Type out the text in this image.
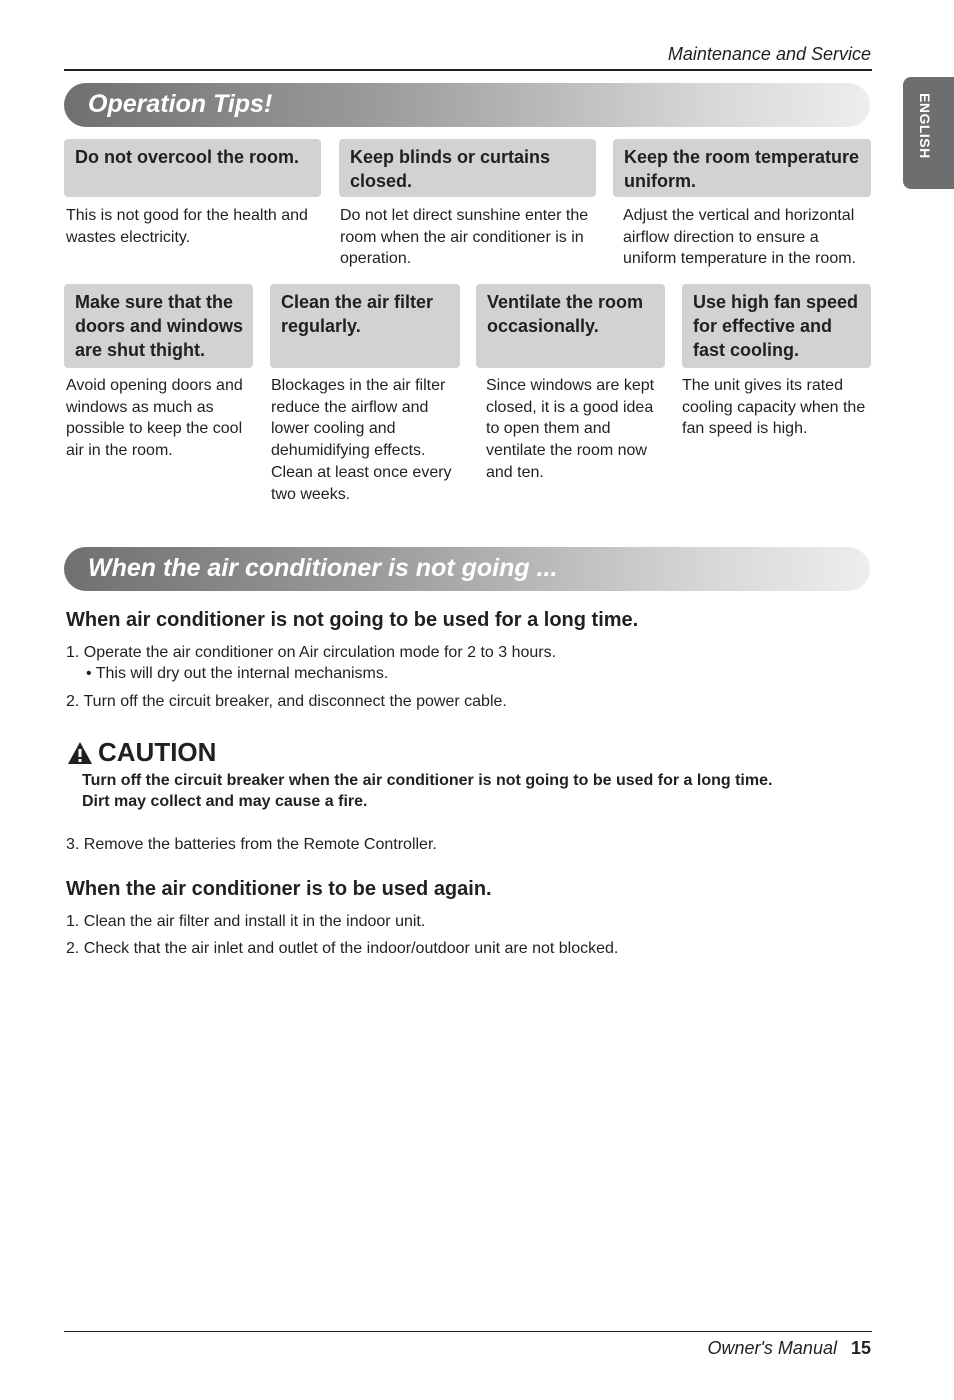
Maintenance and Service
ENGLISH
Operation Tips!
Do not overcool the room.	Keep blinds or curtains closed.
Keep the room temperature uniform.
This is not good for the health and wastes electricity.
Do not let direct sunshine enter the room when the air conditioner is in operation.
Adjust the vertical and horizontal airflow direction to ensure a uniform temperature in the room.
Make sure that the doors and windows are shut thight.
Clean the air filter regularly.
Ventilate the room occasionally.
Use high fan speed for effective and fast cooling.
Avoid opening doors and windows as much as possible to keep the cool air in the room.
Blockages in the air filter reduce the airflow and lower cooling and dehumidifying effects. Clean at least once every two weeks.
Since windows are kept closed, it is a good idea to open them and ventilate the room now and ten.
The unit gives its rated cooling capacity when the fan speed is high.
When the air conditioner is not going ...
When air conditioner is not going to be used for a long time.
1. Operate the air conditioner on Air circulation mode for 2 to 3 hours.
• This will dry out the internal mechanisms.
2. Turn off the circuit breaker, and disconnect the power cable.
CAUTION
Turn off the circuit breaker when the air conditioner is not going to be used for a long time.
Dirt may collect and may cause a fire.
3. Remove the batteries from the Remote Controller.
When the air conditioner is to be used again.
1. Clean the air filter and install it in the indoor unit.
2. Check that the air inlet and outlet of the indoor/outdoor unit are not blocked.
Owner's Manual 15
